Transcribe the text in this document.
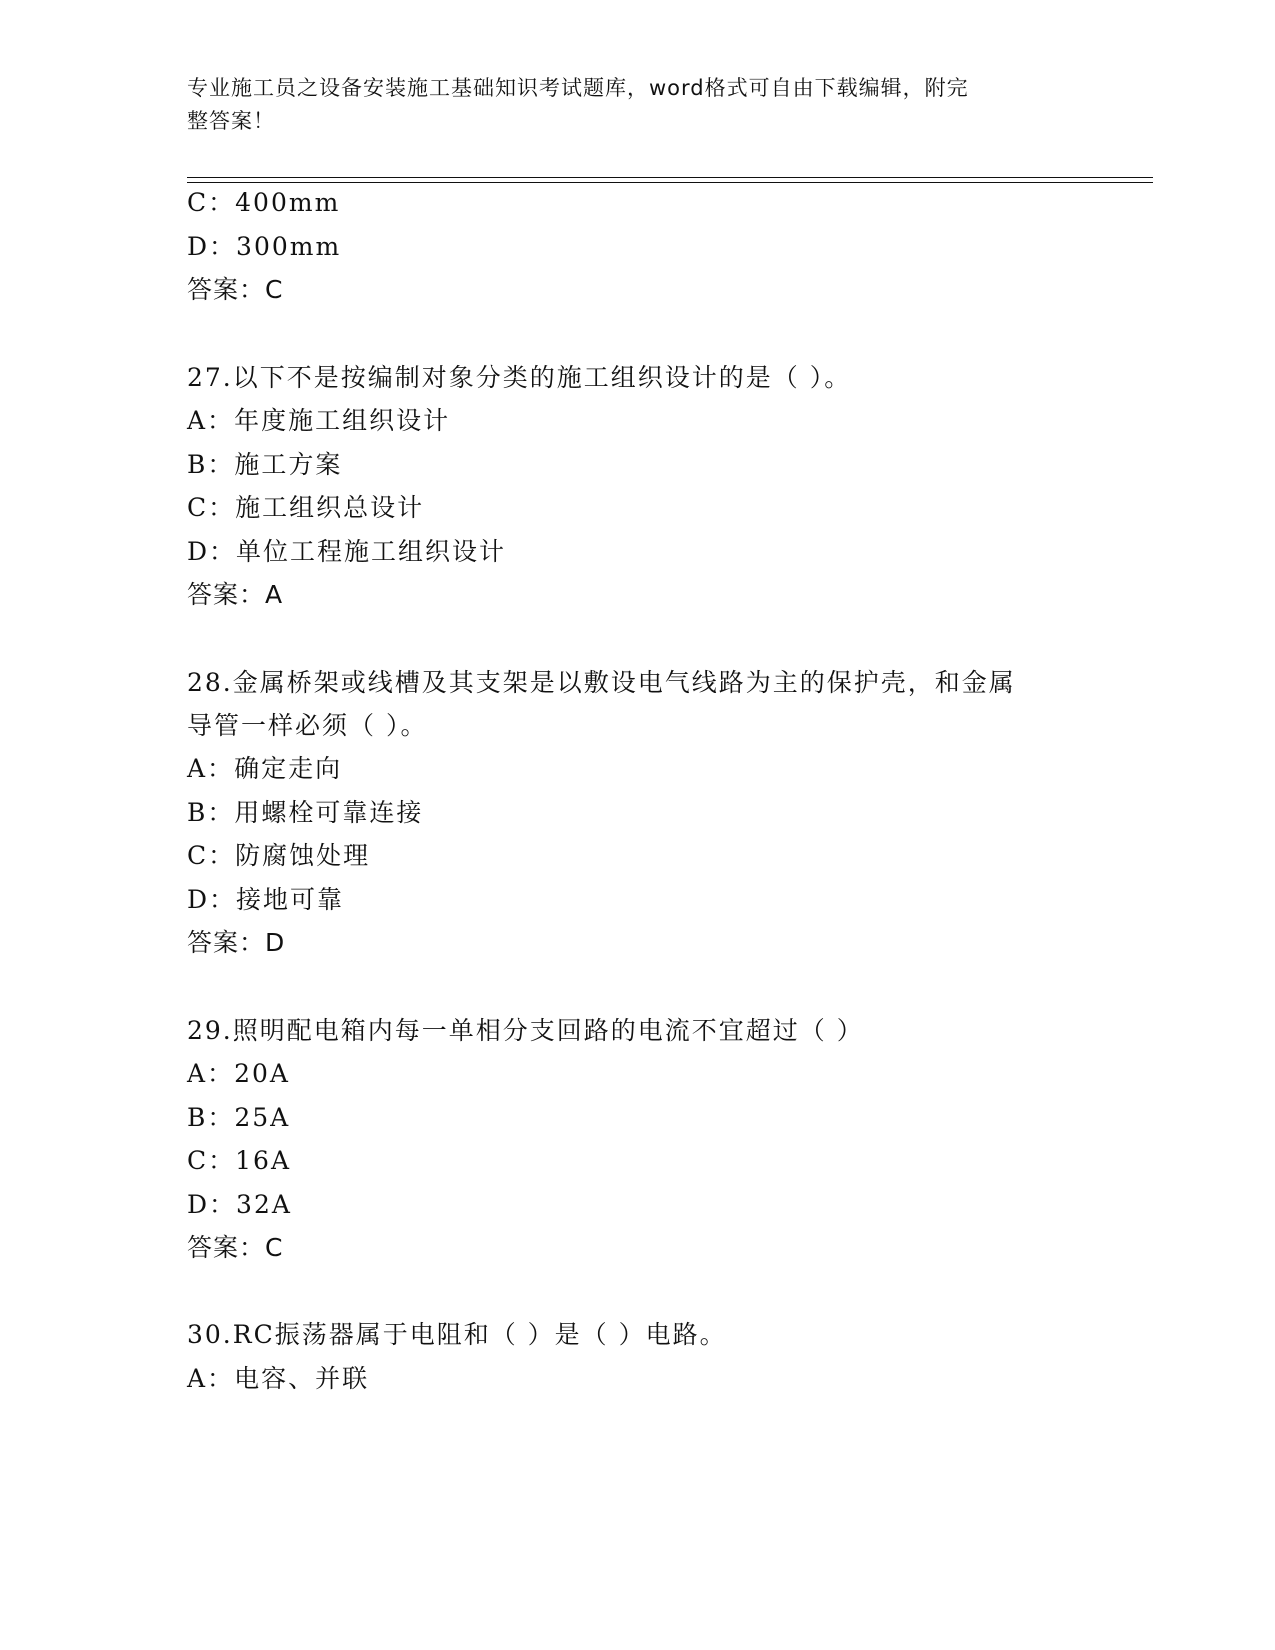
专业施工员之设备安装施工基础知识考试题库，word格式可自由下载编辑，附完
整答案！
C：400mm
D：300mm
答案：C
27.以下不是按编制对象分类的施工组织设计的是（ ）。
A：年度施工组织设计
B：施工方案
C：施工组织总设计
D：单位工程施工组织设计
答案：A
28.金属桥架或线槽及其支架是以敷设电气线路为主的保护壳，和金属
导管一样必须（ ）。
A：确定走向
B：用螺栓可靠连接
C：防腐蚀处理
D：接地可靠
答案：D
29.照明配电箱内每一单相分支回路的电流不宜超过（ ）
A：20A
B：25A
C：16A
D：32A
答案：C
30.RC振荡器属于电阻和（ ）是（ ）电路。
A：电容、并联
